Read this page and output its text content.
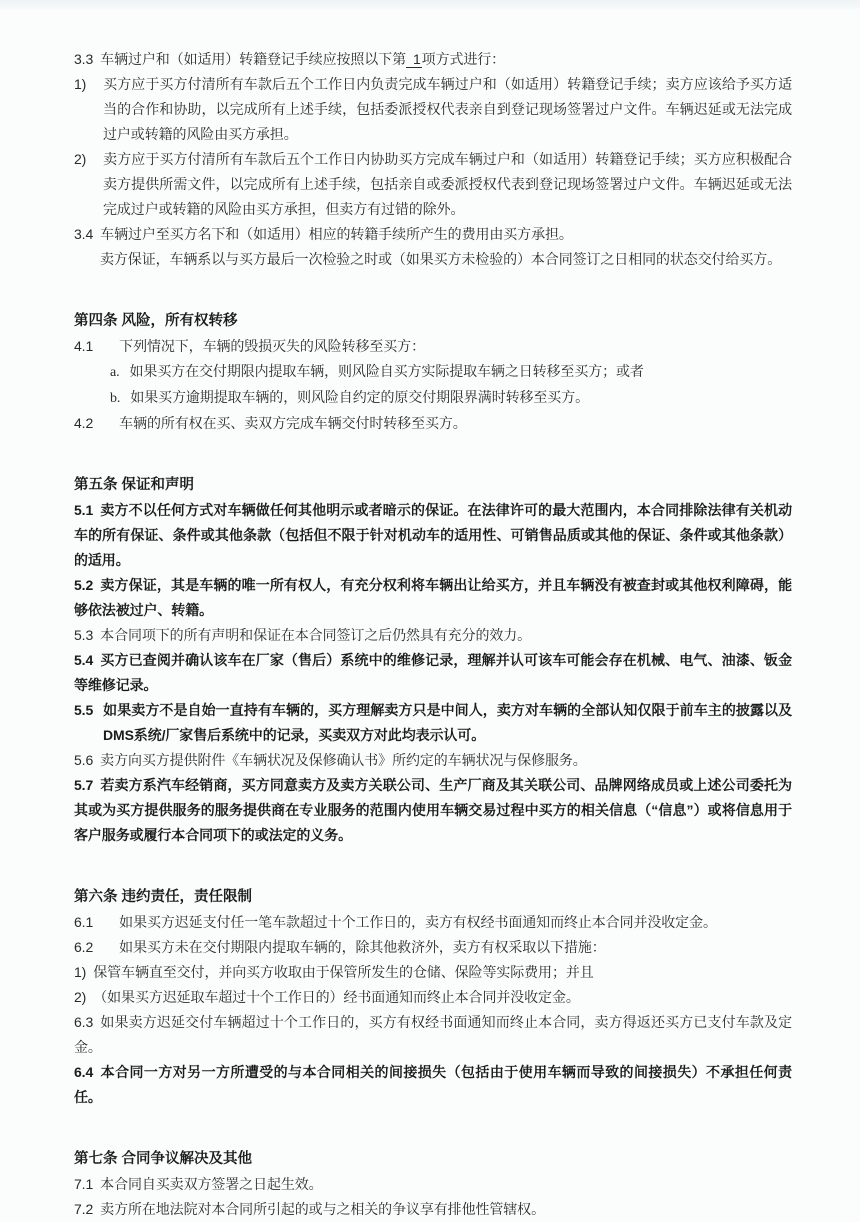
3.3 车辆过户和（如适用）转籍登记手续应按照以下第 1项方式进行：

1) 买方应于买方付清所有车款后五个工作日内负责完成车辆过户和（如适用）转籍登记手续；卖方应该给予买方适当的合作和协助，以完成所有上述手续，包括委派授权代表亲自到登记现场签署过户文件。车辆迟延或无法完成过户或转籍的风险由买方承担。

2) 卖方应于买方付清所有车款后五个工作日内协助买方完成车辆过户和（如适用）转籍登记手续；买方应积极配合卖方提供所需文件，以完成所有上述手续，包括亲自或委派授权代表到登记现场签署过户文件。车辆迟延或无法完成过户或转籍的风险由买方承担，但卖方有过错的除外。

3.4 车辆过户至买方名下和（如适用）相应的转籍手续所产生的费用由买方承担。

卖方保证，车辆系以与买方最后一次检验之时或（如果买方未检验的）本合同签订之日相同的状态交付给买方。

第四条 风险，所有权转移

4.1 下列情况下，车辆的毁损灭失的风险转移至买方：

a. 如果买方在交付期限内提取车辆，则风险自买方实际提取车辆之日转移至买方；或者

b. 如果买方逾期提取车辆的，则风险自约定的原交付期限界满时转移至买方。

4.2 车辆的所有权在买、卖双方完成车辆交付时转移至买方。

第五条 保证和声明

5.1 卖方不以任何方式对车辆做任何其他明示或者暗示的保证。在法律许可的最大范围内，本合同排除法律有关机动车的所有保证、条件或其他条款（包括但不限于针对机动车的适用性、可销售品质或其他的保证、条件或其他条款）的适用。

5.2 卖方保证，其是车辆的唯一所有权人，有充分权利将车辆出让给买方，并且车辆没有被查封或其他权利障碍，能够依法被过户、转籍。

5.3 本合同项下的所有声明和保证在本合同签订之后仍然具有充分的效力。

5.4 买方已查阅并确认该车在厂家（售后）系统中的维修记录，理解并认可该车可能会存在机械、电气、油漆、钣金等维修记录。

5.5 如果卖方不是自始一直持有车辆的，买方理解卖方只是中间人，卖方对车辆的全部认知仅限于前车主的披露以及DMS系统/厂家售后系统中的记录，买卖双方对此均表示认可。

5.6 卖方向买方提供附件《车辆状况及保修确认书》所约定的车辆状况与保修服务。

5.7 若卖方系汽车经销商，买方同意卖方及卖方关联公司、生产厂商及其关联公司、品牌网络成员或上述公司委托为其或为买方提供服务的服务提供商在专业服务的范围内使用车辆交易过程中买方的相关信息（“信息”）或将信息用于客户服务或履行本合同项下的或法定的义务。

第六条 违约责任，责任限制

6.1 如果买方迟延支付任一笔车款超过十个工作日的，卖方有权经书面通知而终止本合同并没收定金。

6.2 如果买方未在交付期限内提取车辆的，除其他救济外，卖方有权采取以下措施：

1) 保管车辆直至交付，并向买方收取由于保管所发生的仓储、保险等实际费用；并且

2) （如果买方迟延取车超过十个工作日的）经书面通知而终止本合同并没收定金。

6.3 如果卖方迟延交付车辆超过十个工作日的，买方有权经书面通知而终止本合同，卖方得返还买方已支付车款及定金。

6.4 本合同一方对另一方所遭受的与本合同相关的间接损失（包括由于使用车辆而导致的间接损失）不承担任何责任。

第七条 合同争议解决及其他

7.1 本合同自买卖双方签署之日起生效。

7.2 卖方所在地法院对本合同所引起的或与之相关的争议享有排他性管辖权。
